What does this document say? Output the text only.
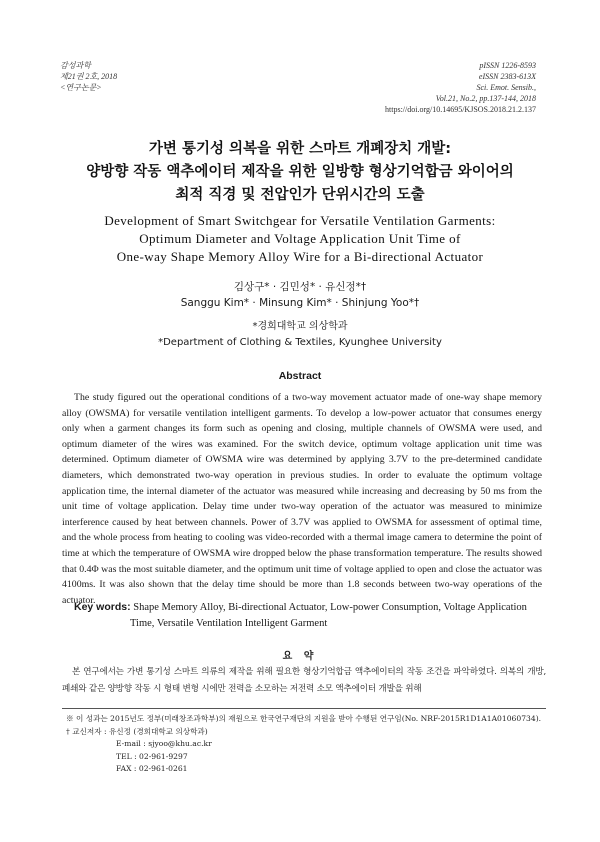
감성과학
제21권 2호, 2018
<연구논문>
pISSN 1226-8593
eISSN 2383-613X
Sci. Emot. Sensib.,
Vol.21, No.2, pp.137-144, 2018
https://doi.org/10.14695/KJSOS.2018.21.2.137
가변 통기성 의복을 위한 스마트 개폐장치 개발:
양방향 작동 액추에이터 제작을 위한 일방향 형상기억합금 와이어의
최적 직경 및 전압인가 단위시간의 도출
Development of Smart Switchgear for Versatile Ventilation Garments:
Optimum Diameter and Voltage Application Unit Time of
One-way Shape Memory Alloy Wire for a Bi-directional Actuator
김상구* · 김민성* · 유신정*†
Sanggu Kim* · Minsung Kim* · Shinjung Yoo*†
*경희대학교 의상학과
*Department of Clothing & Textiles, Kyunghee University
Abstract
The study figured out the operational conditions of a two-way movement actuator made of one-way shape memory alloy (OWSMA) for versatile ventilation intelligent garments. To develop a low-power actuator that consumes energy only when a garment changes its form such as opening and closing, multiple channels of OWSMA were used, and optimum diameter of the wires was examined. For the switch device, optimum voltage application unit time was determined. Optimum diameter of OWSMA wire was determined by applying 3.7V to the pre-determined candidate diameters, which demonstrated two-way operation in previous studies. In order to evaluate the optimum voltage application time, the internal diameter of the actuator was measured while increasing and decreasing by 50 ms from the unit time of voltage application. Delay time under two-way operation of the actuator was measured to minimize interference caused by heat between channels. Power of 3.7V was applied to OWSMA for assessment of optimal time, and the whole process from heating to cooling was video-recorded with a thermal image camera to determine the point of time at which the temperature of OWSMA wire dropped below the phase transformation temperature. The results showed that 0.4Φ was the most suitable diameter, and the optimum unit time of voltage applied to open and close the actuator was 4100ms. It was also shown that the delay time should be more than 1.8 seconds between two-way operations of the actuator.
Key words: Shape Memory Alloy, Bi-directional Actuator, Low-power Consumption, Voltage Application
Time, Versatile Ventilation Intelligent Garment
요 약
본 연구에서는 가변 통기성 스마트 의류의 제작을 위해 필요한 형상기억합금 액추에이터의 작동 조건을 파악하였다. 의복의 개방, 폐쇄와 같은 양방향 작동 시 형태 변형 시에만 전력을 소모하는 저전력 소모 액추에이터 개발을 위해
※ 이 성과는 2015년도 정부(미래창조과학부)의 재원으로 한국연구재단의 지원을 받아 수행된 연구임(No. NRF-2015R1D1A1A01060734).
† 교신저자 : 유신정 (경희대학교 의상학과)
E-mail : sjyoo@khu.ac.kr
TEL : 02-961-9297
FAX : 02-961-0261
